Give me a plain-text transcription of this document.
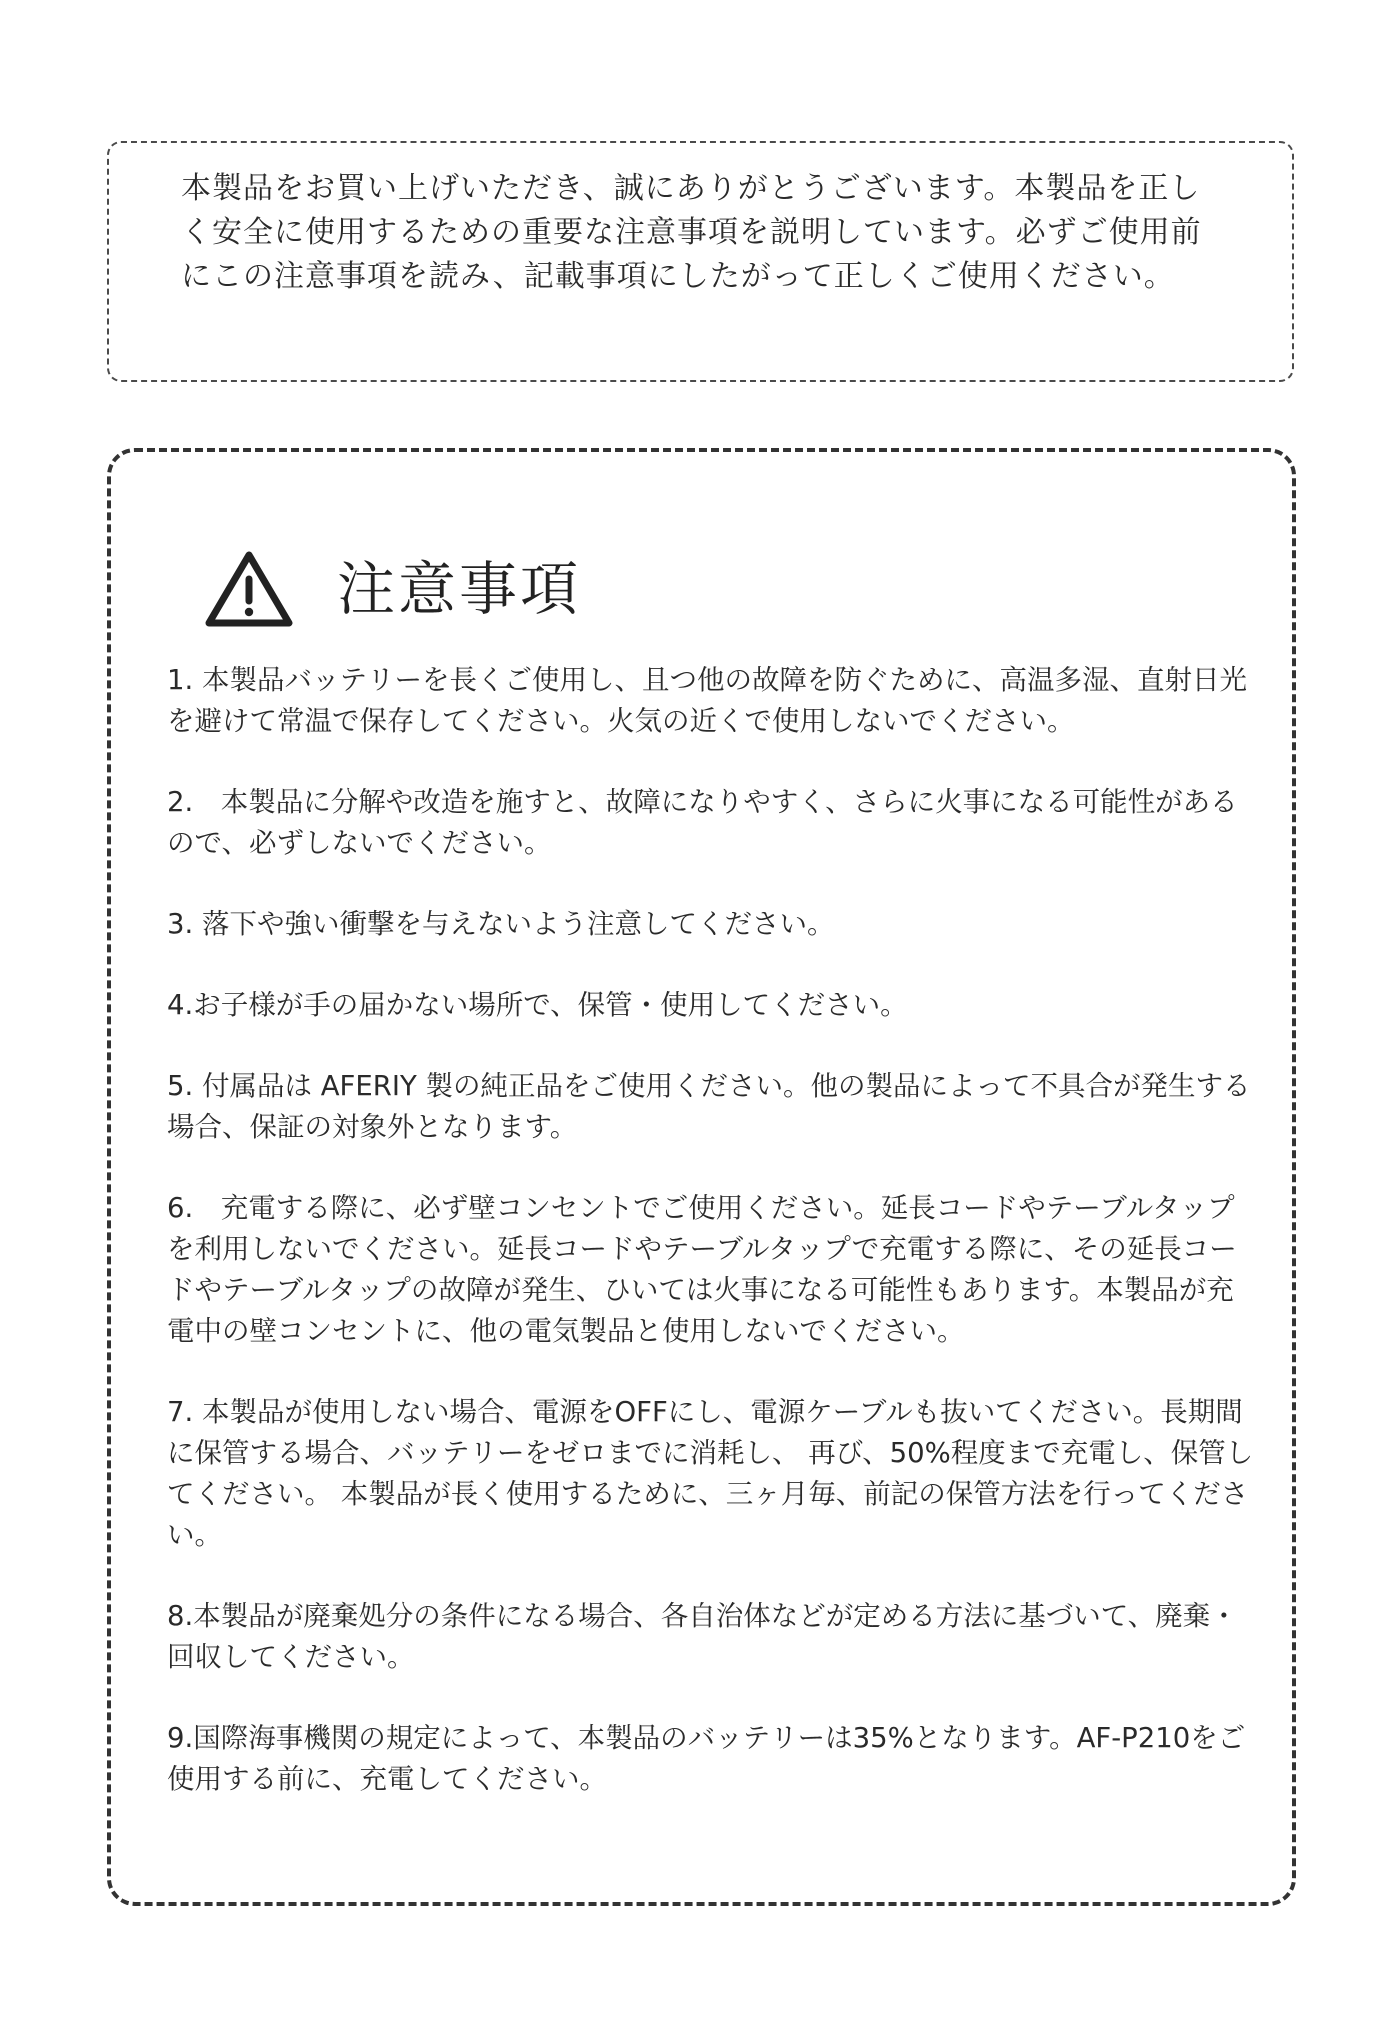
本製品をお買い上げいただき、誠にありがとうございます。本製品を正しく安全に使用するための重要な注意事項を説明しています。必ずご使用前にこの注意事項を読み、記載事項にしたがって正しくご使用ください。

注意事項
1. 本製品バッテリーを長くご使用し、且つ他の故障を防ぐために、高温多湿、直射日光を避けて常温で保存してください。火気の近くで使用しないでください。
2.　本製品に分解や改造を施すと、故障になりやすく、さらに火事になる可能性があるので、必ずしないでください。
3. 落下や強い衝撃を与えないよう注意してください。
4.お子様が手の届かない場所で、保管・使用してください。
5. 付属品は AFERIY 製の純正品をご使用ください。他の製品によって不具合が発生する場合、保証の対象外となります。
6.　充電する際に、必ず壁コンセントでご使用ください。延長コードやテーブルタップを利用しないでください。延長コードやテーブルタップで充電する際に、その延長コードやテーブルタップの故障が発生、ひいては火事になる可能性もあります。本製品が充電中の壁コンセントに、他の電気製品と使用しないでください。
7. 本製品が使用しない場合、電源をOFFにし、電源ケーブルも抜いてください。長期間に保管する場合、バッテリーをゼロまでに消耗し、 再び、50%程度まで充電し、保管してください。 本製品が長く使用するために、三ヶ月毎、前記の保管方法を行ってください。
8.本製品が廃棄処分の条件になる場合、各自治体などが定める方法に基づいて、廃棄・回収してください。
9.国際海事機関の規定によって、本製品のバッテリーは35%となります。AF-P210をご使用する前に、充電してください。
